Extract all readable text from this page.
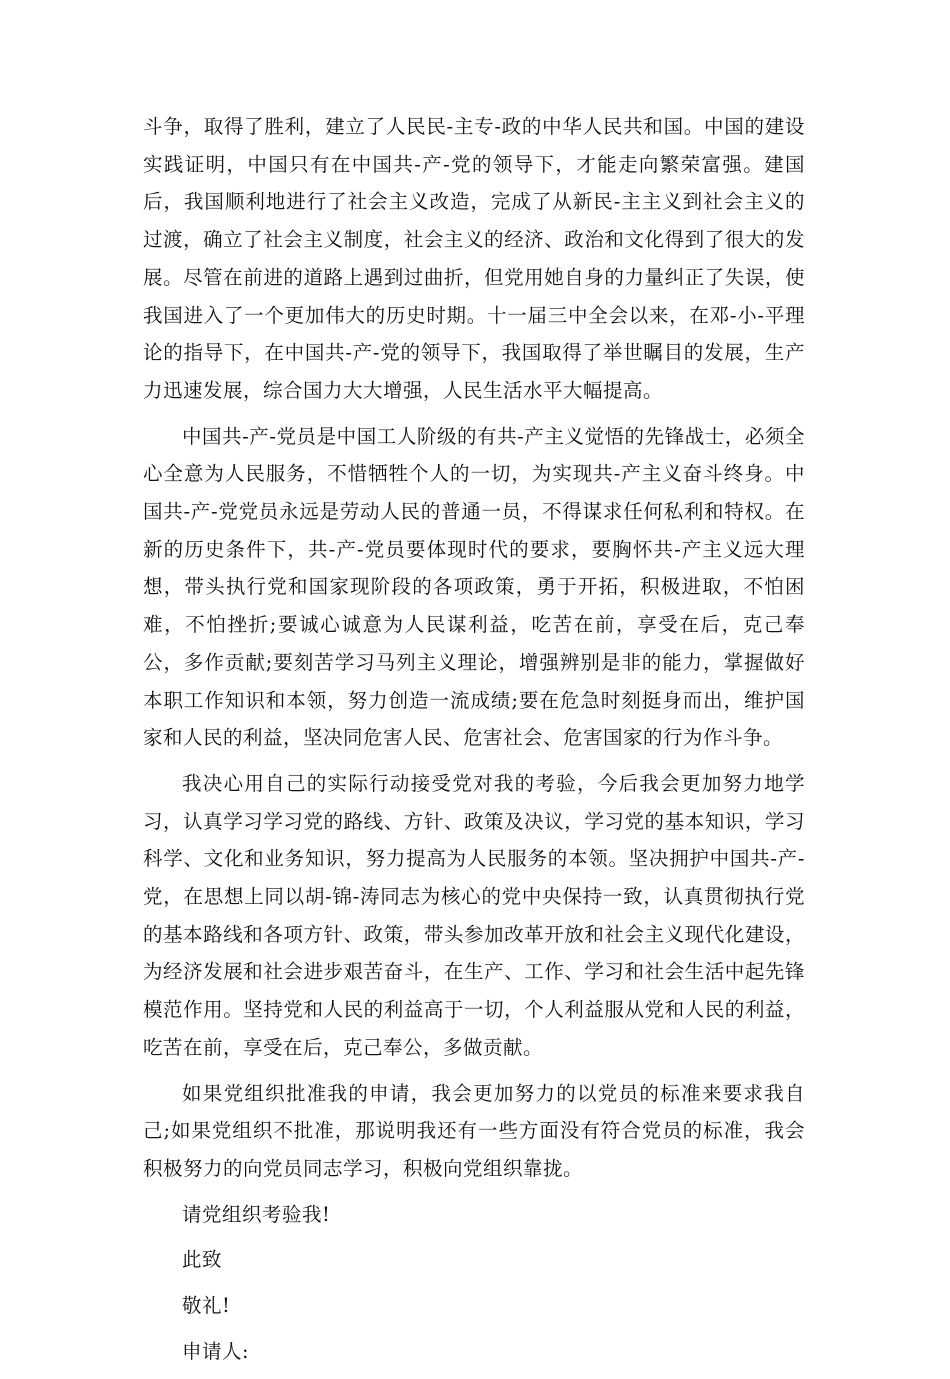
斗争，取得了胜利，建立了人民民-主专-政的中华人民共和国。中国的建设实践证明，中国只有在中国共-产-党的领导下，才能走向繁荣富强。建国后，我国顺利地进行了社会主义改造，完成了从新民-主主义到社会主义的过渡，确立了社会主义制度，社会主义的经济、政治和文化得到了很大的发展。尽管在前进的道路上遇到过曲折，但党用她自身的力量纠正了失误，使我国进入了一个更加伟大的历史时期。十一届三中全会以来，在邓-小-平理论的指导下，在中国共-产-党的领导下，我国取得了举世瞩目的发展，生产力迅速发展，综合国力大大增强，人民生活水平大幅提高。

中国共-产-党员是中国工人阶级的有共-产主义觉悟的先锋战士，必须全心全意为人民服务，不惜牺牲个人的一切，为实现共-产主义奋斗终身。中国共-产-党党员永远是劳动人民的普通一员，不得谋求任何私利和特权。在新的历史条件下，共-产-党员要体现时代的要求，要胸怀共-产主义远大理想，带头执行党和国家现阶段的各项政策，勇于开拓，积极进取，不怕困难，不怕挫折;要诚心诚意为人民谋利益，吃苦在前，享受在后，克己奉公，多作贡献;要刻苦学习马列主义理论，增强辨别是非的能力，掌握做好本职工作知识和本领，努力创造一流成绩;要在危急时刻挺身而出，维护国家和人民的利益，坚决同危害人民、危害社会、危害国家的行为作斗争。

我决心用自己的实际行动接受党对我的考验，今后我会更加努力地学习，认真学习学习党的路线、方针、政策及决议，学习党的基本知识，学习科学、文化和业务知识，努力提高为人民服务的本领。坚决拥护中国共-产-党，在思想上同以胡-锦-涛同志为核心的党中央保持一致，认真贯彻执行党的基本路线和各项方针、政策，带头参加改革开放和社会主义现代化建设，为经济发展和社会进步艰苦奋斗，在生产、工作、学习和社会生活中起先锋模范作用。坚持党和人民的利益高于一切，个人利益服从党和人民的利益，吃苦在前，享受在后，克己奉公，多做贡献。

如果党组织批准我的申请，我会更加努力的以党员的标准来要求我自己;如果党组织不批准，那说明我还有一些方面没有符合党员的标准，我会积极努力的向党员同志学习，积极向党组织靠拢。

请党组织考验我!

此致

敬礼!

申请人:
